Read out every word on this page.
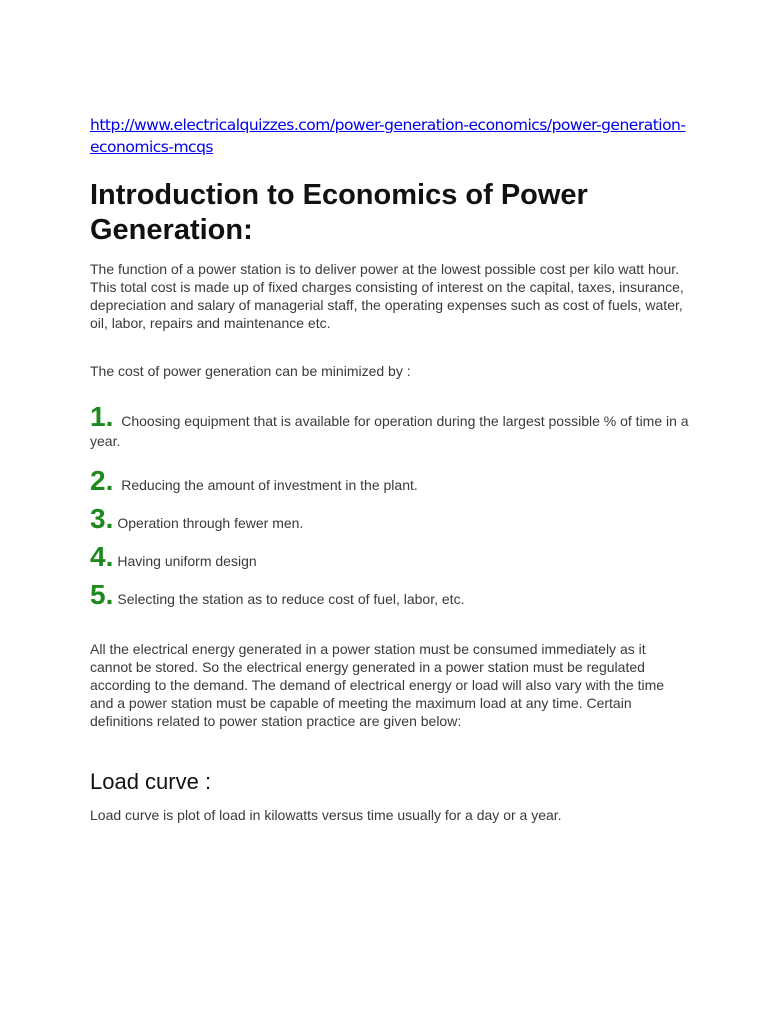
http://www.electricalquizzes.com/power-generation-economics/power-generation-economics-mcqs
Introduction to Economics of Power Generation:

The function of a power station is to deliver power at the lowest possible cost per kilo watt hour. This total cost is made up of fixed charges consisting of interest on the capital, taxes, insurance, depreciation and salary of managerial staff, the operating expenses such as cost of fuels, water, oil, labor, repairs and maintenance etc.

The cost of power generation can be minimized by :

1. Choosing equipment that is available for operation during the largest possible % of time in a year.
2. Reducing the amount of investment in the plant.
3. Operation through fewer men.
4. Having uniform design
5. Selecting the station as to reduce cost of fuel, labor, etc.

All the electrical energy generated in a power station must be consumed immediately as it cannot be stored. So the electrical energy generated in a power station must be regulated according to the demand. The demand of electrical energy or load will also vary with the time and a power station must be capable of meeting the maximum load at any time. Certain definitions related to power station practice are given below:

Load curve :

Load curve is plot of load in kilowatts versus time usually for a day or a year.
